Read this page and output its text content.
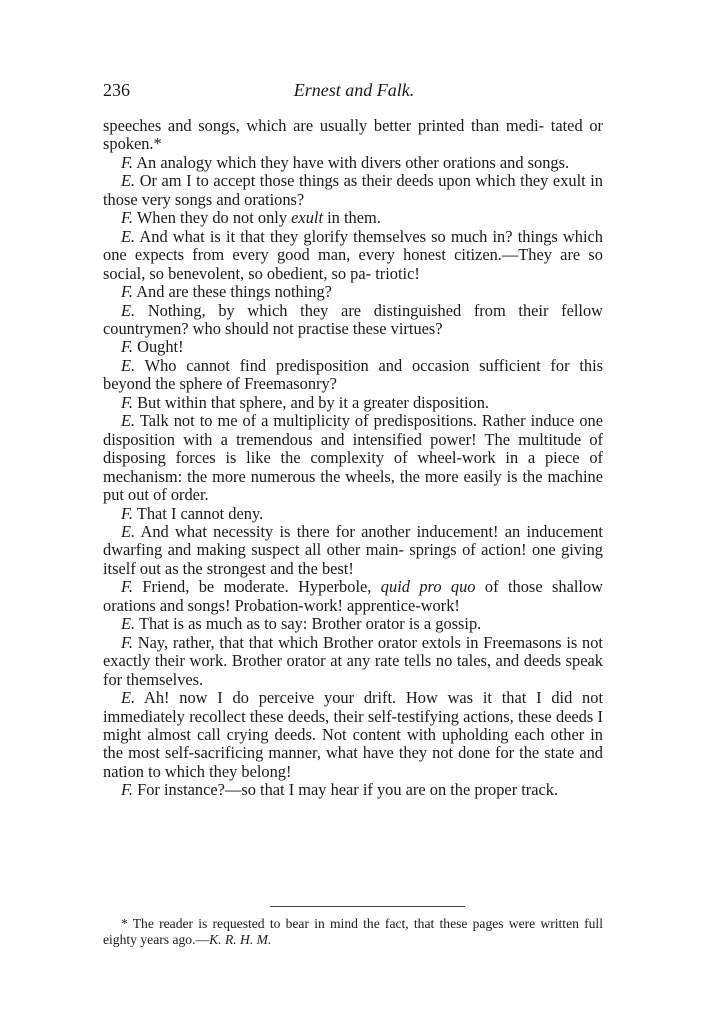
236	Ernest and Falk.

speeches and songs, which are usually better printed than medi- tated or spoken.*

F. An analogy which they have with divers other orations and songs.

E. Or am I to accept those things as their deeds upon which they exult in those very songs and orations?

F. When they do not only exult in them.

E. And what is it that they glorify themselves so much in? things which one expects from every good man, every honest citizen.—They are so social, so benevolent, so obedient, so pa- triotic!

F. And are these things nothing?

E. Nothing, by which they are distinguished from their fellow countrymen? who should not practise these virtues?

F. Ought!

E. Who cannot find predisposition and occasion sufficient for this beyond the sphere of Freemasonry?

F. But within that sphere, and by it a greater disposition.

E. Talk not to me of a multiplicity of predispositions. Rather induce one disposition with a tremendous and intensified power! The multitude of disposing forces is like the complexity of wheel-work in a piece of mechanism: the more numerous the wheels, the more easily is the machine put out of order.

F. That I cannot deny.

E. And what necessity is there for another inducement! an inducement dwarfing and making suspect all other main- springs of action! one giving itself out as the strongest and the best!

F. Friend, be moderate. Hyperbole, quid pro quo of those shallow orations and songs! Probation-work! apprentice-work!

E. That is as much as to say: Brother orator is a gossip.

F. Nay, rather, that that which Brother orator extols in Freemasons is not exactly their work. Brother orator at any rate tells no tales, and deeds speak for themselves.

E. Ah! now I do perceive your drift. How was it that I did not immediately recollect these deeds, their self-testifying actions, these deeds I might almost call crying deeds. Not content with upholding each other in the most self-sacrificing manner, what have they not done for the state and nation to which they belong!

F. For instance?—so that I may hear if you are on the proper track.

* The reader is requested to bear in mind the fact, that these pages were written full eighty years ago.—K. R. H. M.
